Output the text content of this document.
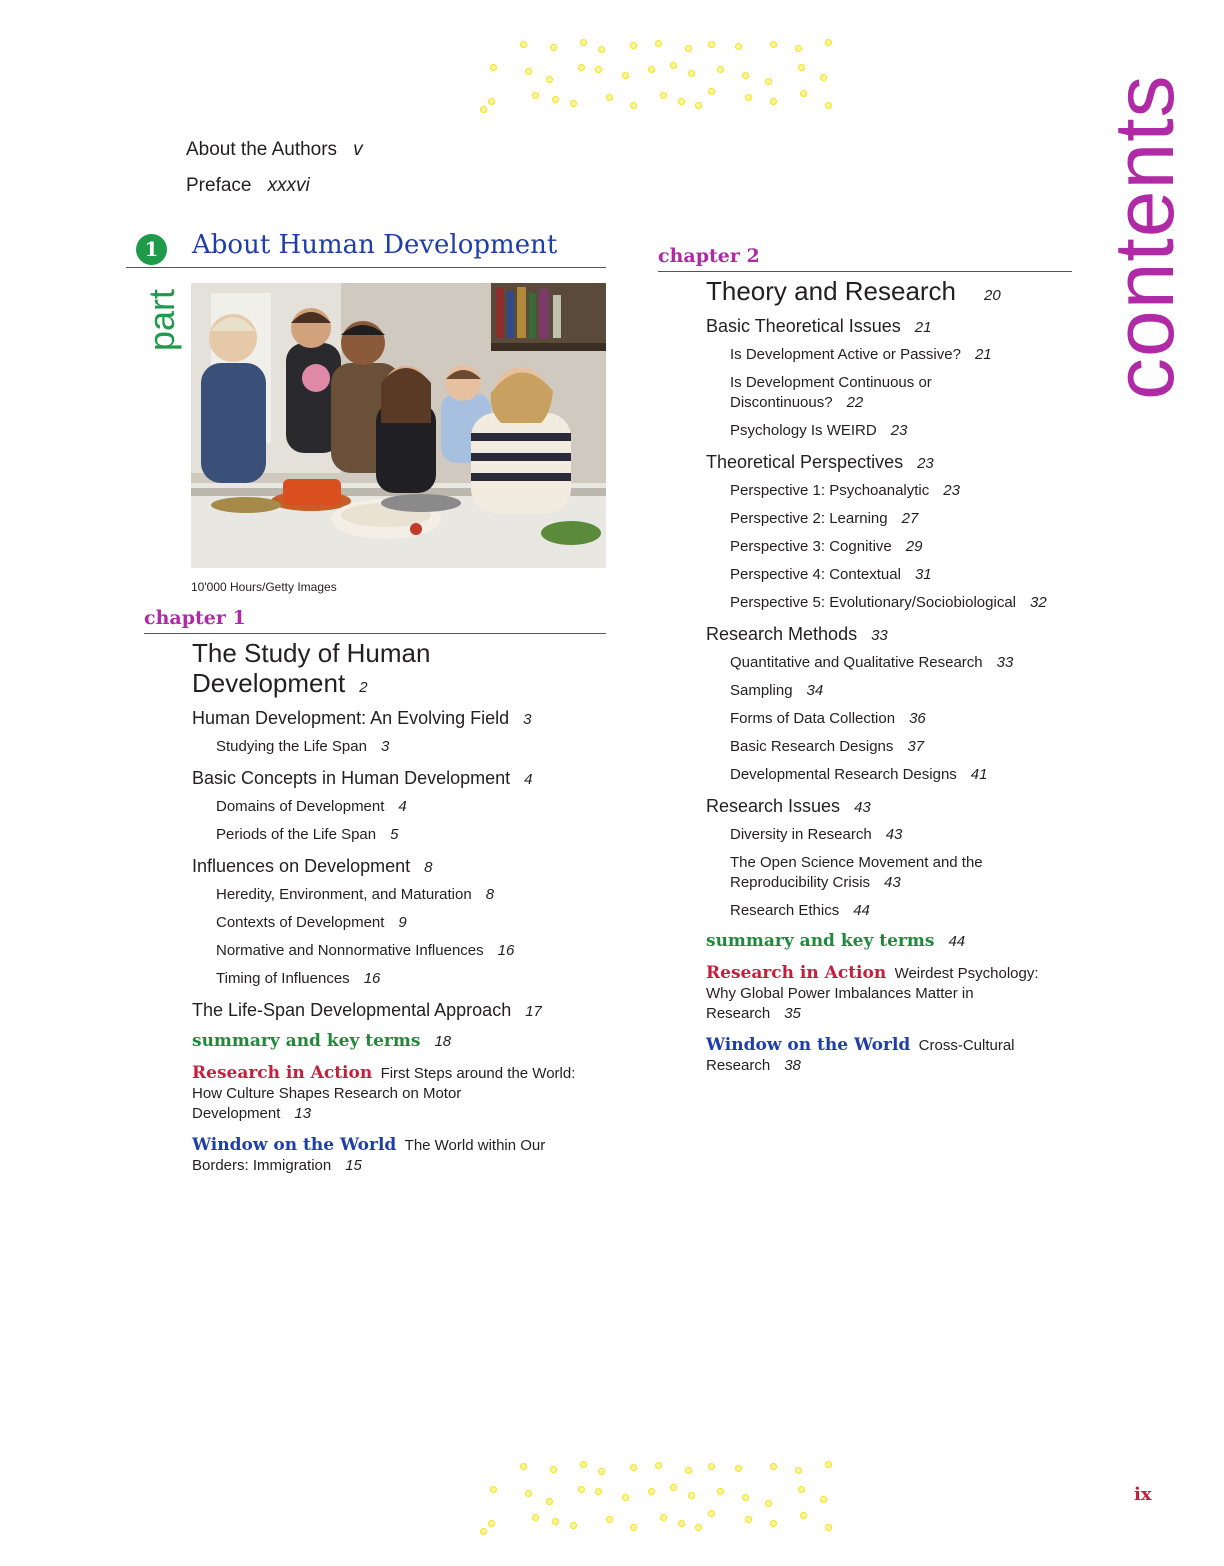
About the Authors v
Preface xxxvi
1	About Human Development
part
10'000 Hours/Getty Images
contents
chapter 1
The Study of Human
Development 2
Human Development: An Evolving Field 3
Studying the Life Span 3
Basic Concepts in Human Development 4
Domains of Development 4
Periods of the Life Span 5
Influences on Development 8
Heredity, Environment, and Maturation 8
Contexts of Development 9
Normative and Nonnormative Influences 16
Timing of Influences 16
The Life-Span Developmental Approach 17
summary and key terms 18
Research in Action First Steps around the World:
How Culture Shapes Research on Motor
Development 13
Window on the World The World within Our
Borders: Immigration 15
chapter 2
Theory and Research 20
Basic Theoretical Issues 21
Is Development Active or Passive? 21
Is Development Continuous or
Discontinuous? 22
Psychology Is WEIRD 23
Theoretical Perspectives 23
Perspective 1: Psychoanalytic 23
Perspective 2: Learning 27
Perspective 3: Cognitive 29
Perspective 4: Contextual 31
Perspective 5: Evolutionary/Sociobiological 32
Research Methods 33
Quantitative and Qualitative Research 33
Sampling 34
Forms of Data Collection 36
Basic Research Designs 37
Developmental Research Designs 41
Research Issues 43
Diversity in Research 43
The Open Science Movement and the
Reproducibility Crisis 43
Research Ethics 44
summary and key terms 44
Research in Action Weirdest Psychology:
Why Global Power Imbalances Matter in
Research 35
Window on the World Cross-Cultural
Research 38
ix
